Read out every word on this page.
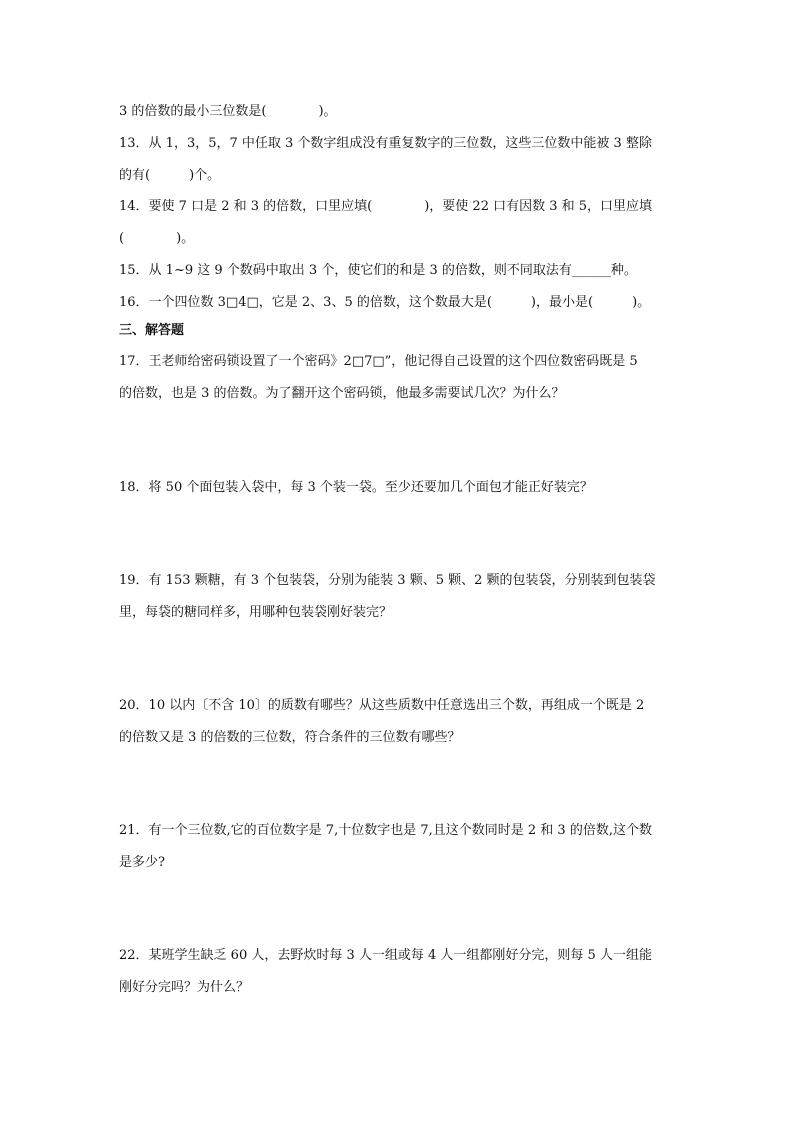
3 的倍数的最小三位数是(　　　　)。
13．从 1，3，5，7 中任取 3 个数字组成没有重复数字的三位数，这些三位数中能被 3 整除
的有(　　　)个。
14．要使 7 口是 2 和 3 的倍数，口里应填(　　　　)，要使 22 口有因数 3 和 5，口里应填
(　　　　)。
15．从 1~9 这 9 个数码中取出 3 个，使它们的和是 3 的倍数，则不同取法有______种。
16．一个四位数 3□4□，它是 2、3、5 的倍数，这个数最大是(　　　)，最小是(　　　)。
三、解答题
17．王老师给密码锁设置了一个密码》2□7□”，他记得自己设置的这个四位数密码既是 5
的倍数，也是 3 的倍数。为了翻开这个密码锁，他最多需要试几次？为什么？
18．将 50 个面包装入袋中，每 3 个装一袋。至少还要加几个面包才能正好装完？
19．有 153 颗糖，有 3 个包装袋，分别为能装 3 颗、5 颗、2 颗的包装袋，分别装到包装袋
里，每袋的糖同样多，用哪种包装袋刚好装完？
20．10 以内〔不含 10〕的质数有哪些？从这些质数中任意选出三个数，再组成一个既是 2
的倍数又是 3 的倍数的三位数，符合条件的三位数有哪些？
21．有一个三位数,它的百位数字是 7,十位数字也是 7,且这个数同时是 2 和 3 的倍数,这个数
是多少?
22．某班学生缺乏 60 人，去野炊时每 3 人一组或每 4 人一组都刚好分完，则每 5 人一组能
刚好分完吗？为什么？
